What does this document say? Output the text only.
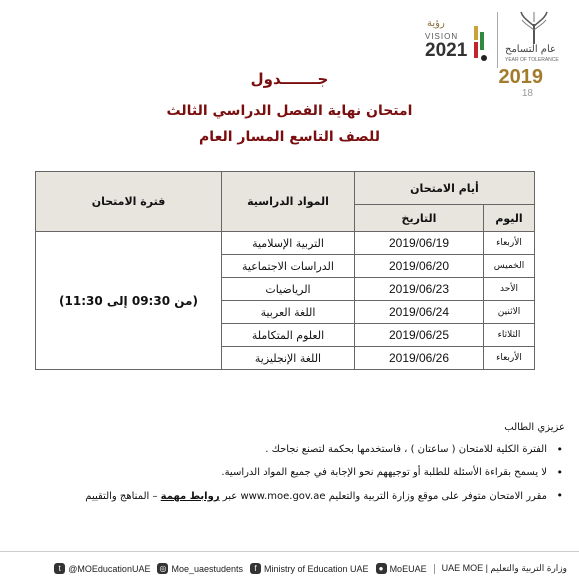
رؤية
VISION
2021	عام التسامح
YEAR OF TOLERANCE
2019
18
جـــــــدول
امتحان نهاية الفصل الدراسي الثالث
للصف التاسع المسار العام
أيام الامتحان		المواد الدراسية	فترة الامتحان
اليوم	التاريخ		
الأربعاء	2019/06/19	التربية الإسلامية	(من 09:30 إلى 11:30)
الخميس	2019/06/20	الدراسات الاجتماعية	
الأحد	2019/06/23	الرياضيات	
الاثنين	2019/06/24	اللغة العربية	
الثلاثاء	2019/06/25	العلوم المتكاملة	
الأربعاء	2019/06/26	اللغة الإنجليزية	
عزيزي الطالب
•
الفترة الكلية للامتحان ( ساعتان ) ، فاستخدمها بحكمة لتصنع نجاحك .
•
لا يسمح بقراءة الأسئلة للطلبة أو توجيههم نحو الإجابة في جميع المواد الدراسية.
•
مقرر الامتحان متوفر على موقع وزارة التربية والتعليم www.moe.gov.ae عبر روابط مهمة – المناهج والتقييم
t @MOEducationUAE ◎ Moe_uaestudents	f Ministry of Education UAE	● MoEUAE وزارة التربية والتعليم | UAE MOE
